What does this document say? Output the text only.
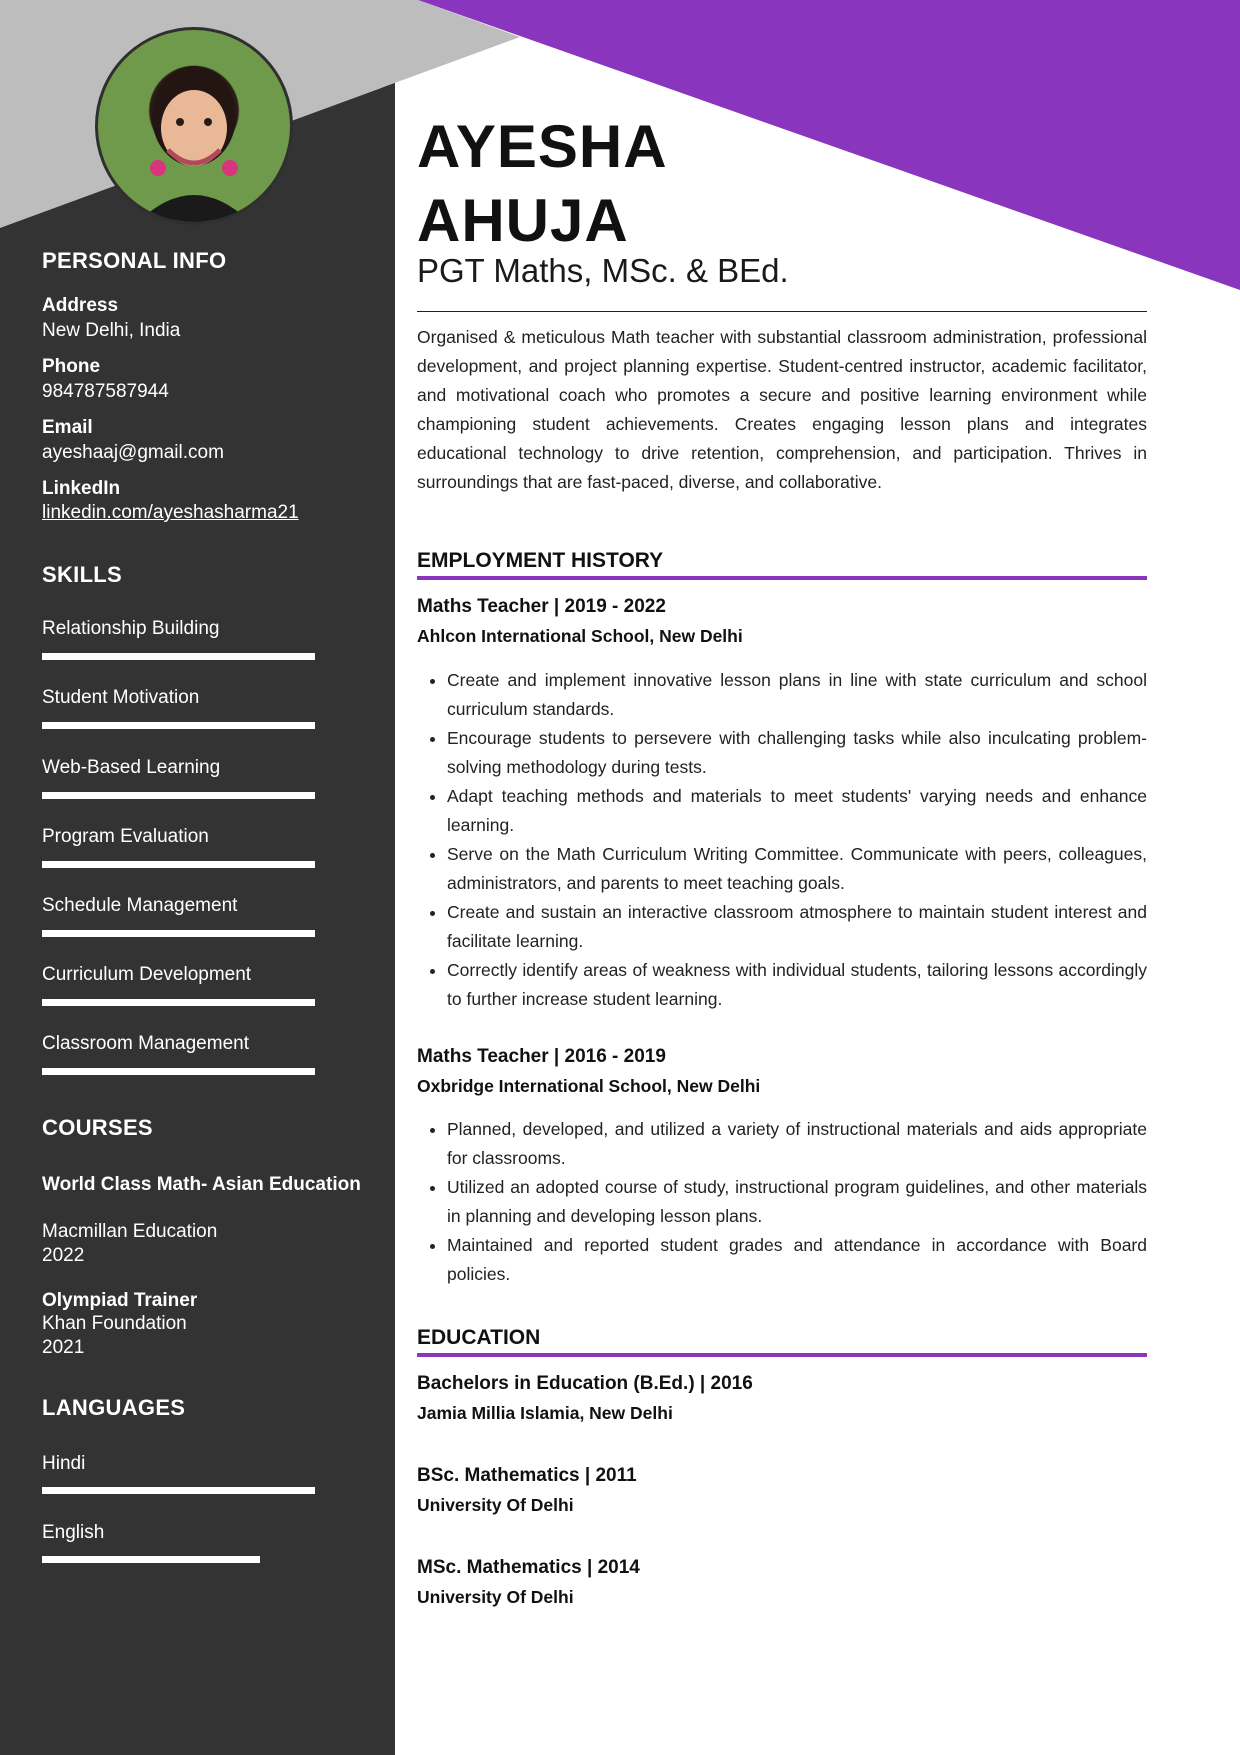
PERSONAL INFO
Address
New Delhi, India
Phone
984787587944
Email
ayeshaaj@gmail.com
LinkedIn
linkedin.com/ayeshasharma21
SKILLS
Relationship Building
Student Motivation
Web-Based Learning
Program Evaluation
Schedule Management
Curriculum Development
Classroom Management
COURSES
World Class Math- Asian Education
Macmillan Education
2022
Olympiad Trainer
Khan Foundation
2021
LANGUAGES
Hindi
English
AYESHA
AHUJA
PGT Maths, MSc. & BEd.

Organised & meticulous Math teacher with substantial classroom administration, professional development, and project planning expertise. Student-centred instructor, academic facilitator, and motivational coach who promotes a secure and positive learning environment while championing student achievements. Creates engaging lesson plans and integrates educational technology to drive retention, comprehension, and participation. Thrives in surroundings that are fast-paced, diverse, and collaborative.

EMPLOYMENT HISTORY
Maths Teacher | 2019 - 2022
Ahlcon International School, New Delhi
• Create and implement innovative lesson plans in line with state curriculum and school curriculum standards.
• Encourage students to persevere with challenging tasks while also inculcating problem-solving methodology during tests.
• Adapt teaching methods and materials to meet students' varying needs and enhance learning.
• Serve on the Math Curriculum Writing Committee. Communicate with peers, colleagues, administrators, and parents to meet teaching goals.
• Create and sustain an interactive classroom atmosphere to maintain student interest and facilitate learning.
• Correctly identify areas of weakness with individual students, tailoring lessons accordingly to further increase student learning.
Maths Teacher | 2016 - 2019
Oxbridge International School, New Delhi
• Planned, developed, and utilized a variety of instructional materials and aids appropriate for classrooms.
• Utilized an adopted course of study, instructional program guidelines, and other materials in planning and developing lesson plans.
• Maintained and reported student grades and attendance in accordance with Board policies.
EDUCATION
Bachelors in Education (B.Ed.) | 2016
Jamia Millia Islamia, New Delhi
BSc. Mathematics | 2011
University Of Delhi
MSc. Mathematics | 2014
University Of Delhi
